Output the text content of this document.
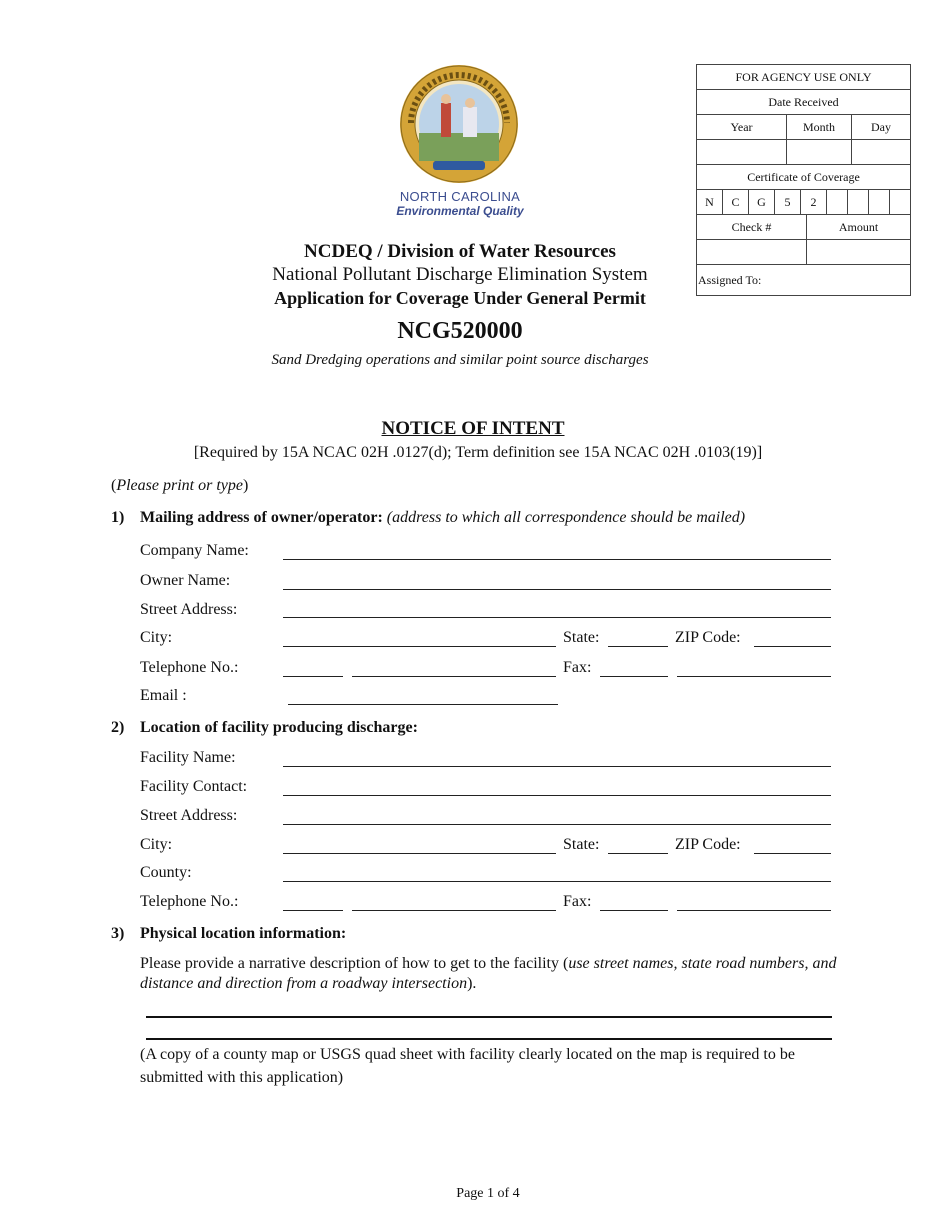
NORTH CAROLINA
Environmental Quality
FOR AGENCY USE ONLY
Date Received
Year	Month	Day
Certificate of Coverage
N	C	G	5	2
Check #	Amount
Assigned To:
NCDEQ / Division of Water Resources
National Pollutant Discharge Elimination System
Application for Coverage Under General Permit
NCG520000
Sand Dredging operations and similar point source discharges
NOTICE OF INTENT
[Required by 15A NCAC 02H .0127(d); Term definition see 15A NCAC 02H .0103(19)]
(Please print or type)
1) Mailing address of owner/operator: (address to which all correspondence should be mailed)
Company Name:
Owner Name:
Street Address:
City:	State:	ZIP Code:
Telephone No.:	Fax:
Email :
2) Location of facility producing discharge:
Facility Name:
Facility Contact:
Street Address:
City:	State:	ZIP Code:
County:
Telephone No.:	Fax:
3) Physical location information:
Please provide a narrative description of how to get to the facility (use street names, state road numbers, and distance and direction from a roadway intersection).
(A copy of a county map or USGS quad sheet with facility clearly located on the map is required to be submitted with this application)
Page 1 of 4
